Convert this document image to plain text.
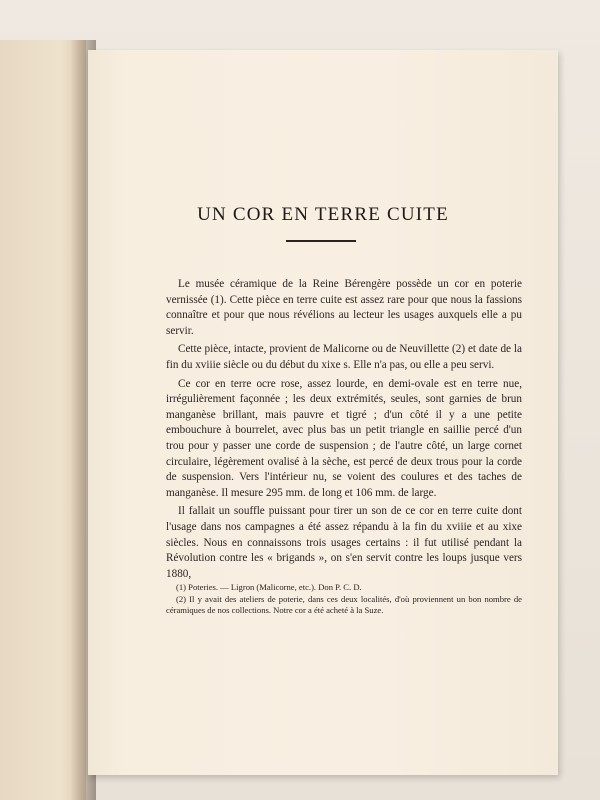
UN COR EN TERRE CUITE

Le musée céramique de la Reine Bérengère possède un cor en poterie vernissée (1). Cette pièce en terre cuite est assez rare pour que nous la fassions connaître et pour que nous révélions au lecteur les usages auxquels elle a pu servir.

Cette pièce, intacte, provient de Malicorne ou de Neuvillette (2) et date de la fin du xviiie siècle ou du début du xixe s. Elle n'a pas, ou elle a peu servi.

Ce cor en terre ocre rose, assez lourde, en demi-ovale est en terre nue, irrégulièrement façonnée ; les deux extrémités, seules, sont garnies de brun manganèse brillant, mais pauvre et tigré ; d'un côté il y a une petite embouchure à bourrelet, avec plus bas un petit triangle en saillie percé d'un trou pour y passer une corde de suspension ; de l'autre côté, un large cornet circulaire, légèrement ovalisé à la sèche, est percé de deux trous pour la corde de suspension. Vers l'intérieur nu, se voient des coulures et des taches de manganèse. Il mesure 295 mm. de long et 106 mm. de large.

Il fallait un souffle puissant pour tirer un son de ce cor en terre cuite dont l'usage dans nos campagnes a été assez répandu à la fin du xviiie et au xixe siècles. Nous en connaissons trois usages certains : il fut utilisé pendant la Révolution contre les « brigands », on s'en servit contre les loups jusque vers 1880,

(1) Poteries. — Ligron (Malicorne, etc.). Don P. C. D.

(2) Il y avait des ateliers de poterie, dans ces deux localités, d'où proviennent un bon nombre de céramiques de nos collections. Notre cor a été acheté à la Suze.
